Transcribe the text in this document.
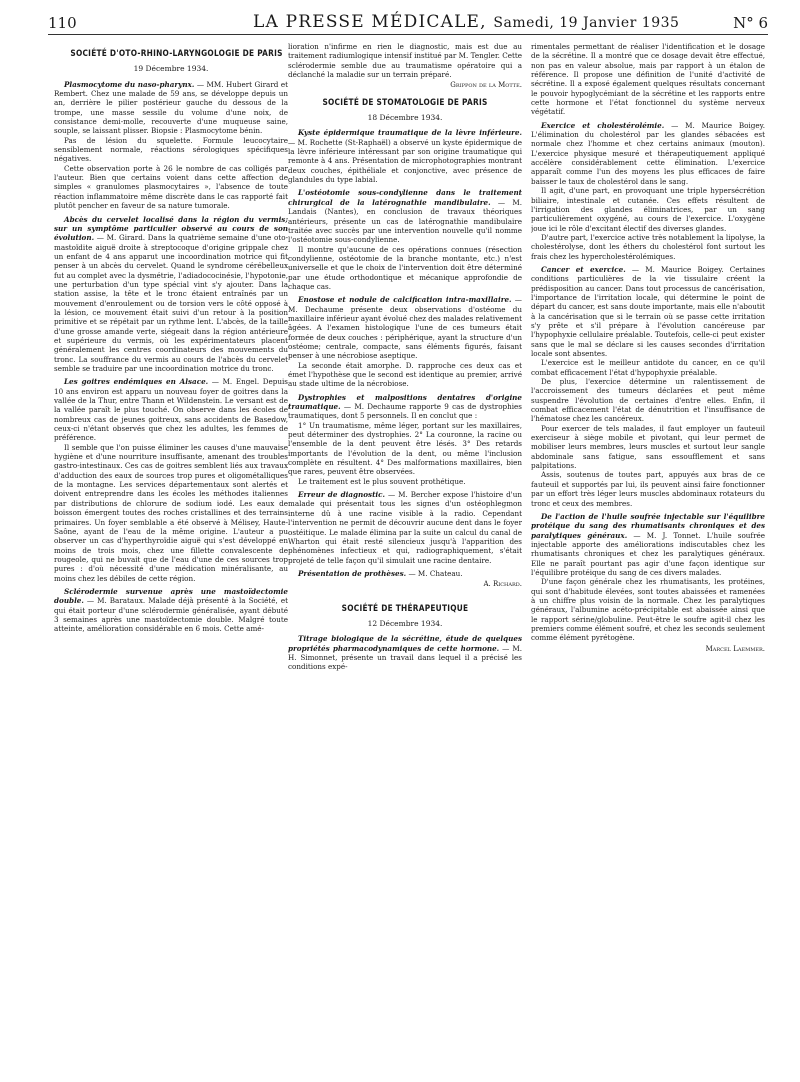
110	LA PRESSE MÉDICALE, Samedi, 19 Janvier 1935	N° 6

SOCIÉTÉ D'OTO-RHINO-LARYNGOLOGIE DE PARIS

19 Décembre 1934.

Plasmocytome du naso-pharynx. — MM. Hubert Girard et Rembert. Chez une malade de 59 ans, se développe depuis un an, derrière le pilier postérieur gauche du dessous de la trompe, une masse sessile du volume d'une noix, de consistance demi-molle, recouverte d'une muqueuse saine, souple, se laissant plisser. Biopsie : Plasmocytome bénin.

Pas de lésion du squelette. Formule leucocytaire sensiblement normale, réactions sérologiques spécifiques négatives.

Cette observation porte à 26 le nombre de cas colligés par l'auteur. Bien que certains voient dans cette affection de simples « granulomes plasmocytaires », l'absence de toute réaction inflammatoire même discrète dans le cas rapporté fait plutôt pencher en faveur de sa nature tumorale.

Abcès du cervelet localisé dans la région du vermis; sur un symptôme particulier observé au cours de son évolution. — M. Girard. Dans la quatrième semaine d'une oto-mastoïdite aiguë droite à streptocoque d'origine grippale chez un enfant de 4 ans apparut une incoordination motrice qui fit penser à un abcès du cervelet. Quand le syndrome cérébelleux fut au complet avec la dysmétrie, l'adiadococinésie, l'hypotonie, une perturbation d'un type spécial vint s'y ajouter. Dans la station assise, la tête et le tronc étaient entraînés par un mouvement d'enroulement ou de torsion vers le côté opposé à la lésion, ce mouvement était suivi d'un retour à la position primitive et se répétait par un rythme lent. L'abcès, de la taille d'une grosse amande verte, siégeait dans la région antérieure et supérieure du vermis, où les expérimentateurs placent généralement les centres coordinateurs des mouvements du tronc. La souffrance du vermis au cours de l'abcès du cervelet semble se traduire par une incoordination motrice du tronc.

Les goitres endémiques en Alsace. — M. Engel. Depuis 10 ans environ est apparu un nouveau foyer de goitres dans la vallée de la Thur, entre Thann et Wildenstein. Le versant est de la vallée paraît le plus touché. On observe dans les écoles de nombreux cas de jeunes goitreux, sans accidents de Basedow, ceux-ci n'étant observés que chez les adultes, les femmes de préférence.

Il semble que l'on puisse éliminer les causes d'une mauvaise hygiène et d'une nourriture insuffisante, amenant des troubles gastro-intestinaux. Ces cas de goitres semblent liés aux travaux d'adduction des eaux de sources trop pures et oligométalliques de la montagne. Les services départementaux sont alertés et doivent entreprendre dans les écoles les méthodes italiennes par distributions de chlorure de sodium iodé. Les eaux de boisson émergent toutes des roches cristallines et des terrains primaires. Un foyer semblable a été observé à Mélisey, Haute-Saône, ayant de l'eau de la même origine. L'auteur a pu observer un cas d'hyperthyroïdie aiguë qui s'est développé en moins de trois mois, chez une fillette convalescente de rougeole, qui ne buvait que de l'eau d'une de ces sources trop pures : d'où nécessité d'une médication minéralisante, au moins chez les débiles de cette région.

Sclérodermie survenue après une mastoïdectomie double. — M. Barataux. Malade déjà présenté à la Société, et qui était porteur d'une sclérodermie généralisée, ayant débuté 3 semaines après une mastoïdectomie double. Malgré toute atteinte, amélioration considérable en 6 mois. Cette amé-

lioration n'infirme en rien le diagnostic, mais est due au traitement radiumlogique intensif institué par M. Tengler. Cette sclérodermie semble due au traumatisme opératoire qui a déclanché la maladie sur un terrain préparé.

Grippon de la Motte.

SOCIÉTÉ DE STOMATOLOGIE DE PARIS

18 Décembre 1934.

Kyste épidermique traumatique de la lèvre inférieure. — M. Rochette (St-Raphaël) a observé un kyste épidermique de la lèvre inférieure intéressant par son origine traumatique qui remonte à 4 ans. Présentation de microphotographies montrant deux couches, épithéliale et conjonctive, avec présence de glandules du type labial.

L'ostéotomie sous-condylienne dans le traitement chirurgical de la latérognathie mandibulaire. — M. Landais (Nantes), en conclusion de travaux théoriques antérieurs, présente un cas de latérognathie mandibulaire traitée avec succès par une intervention nouvelle qu'il nomme l'ostéotomie sous-condylienne.

Il montre qu'aucune de ces opérations connues (résection condylienne, ostéotomie de la branche montante, etc.) n'est universelle et que le choix de l'intervention doit être déterminé par une étude orthodontique et mécanique approfondie de chaque cas.

Enostose et nodule de calcification intra-maxillaire. — M. Dechaume présente deux observations d'ostéome du maxillaire inférieur ayant évolué chez des malades relativement âgées. A l'examen histologique l'une de ces tumeurs était formée de deux couches : périphérique, ayant la structure d'un ostéome; centrale, compacte, sans éléments figurés, faisant penser à une nécrobiose aseptique.

La seconde était amorphe. D. rapproche ces deux cas et émet l'hypothèse que le second est identique au premier, arrivé au stade ultime de la nécrobiose.

Dystrophies et malpositions dentaires d'origine traumatique. — M. Dechaume rapporte 9 cas de dystrophies traumatiques, dont 5 personnels. Il en conclut que :

1° Un traumatisme, même léger, portant sur les maxillaires, peut déterminer des dystrophies. 2° La couronne, la racine ou l'ensemble de la dent peuvent être lésés. 3° Des retards importants de l'évolution de la dent, ou même l'inclusion complète en résultent. 4° Des malformations maxillaires, bien que rares, peuvent être observées.

Le traitement est le plus souvent prothétique.

Erreur de diagnostic. — M. Bercher expose l'histoire d'un malade qui présentait tous les signes d'un ostéophlegmon interne dû à une racine visible à la radio. Cependant l'intervention ne permit de découvrir aucune dent dans le foyer ostéitique. Le malade élimina par la suite un calcul du canal de Wharton qui était resté silencieux jusqu'à l'apparition des phénomènes infectieux et qui, radiographiquement, s'était projeté de telle façon qu'il simulait une racine dentaire.

Présentation de prothèses. — M. Chateau.

A. Richard.

SOCIÉTÉ DE THÉRAPEUTIQUE

12 Décembre 1934.

Titrage biologique de la sécrétine, étude de quelques propriétés pharmacodynamiques de cette hormone. — M. H. Simonnet, présente un travail dans lequel il a précisé les conditions expé-

rimentales permettant de réaliser l'identification et le dosage de la sécrétine. Il a montré que ce dosage devait être effectué, non pas en valeur absolue, mais par rapport à un étalon de référence. Il propose une définition de l'unité d'activité de sécrétine. Il a exposé également quelques résultats concernant le pouvoir hypoglycémiant de la sécrétine et les rapports entre cette hormone et l'état fonctionnel du système nerveux végétatif.

Exercice et cholestérolémie. — M. Maurice Boigey. L'élimination du cholestérol par les glandes sébacées est normale chez l'homme et chez certains animaux (mouton). L'exercice physique mesuré et thérapeutiquement appliqué accélère considérablement cette élimination. L'exercice apparaît comme l'un des moyens les plus efficaces de faire baisser le taux de cholestérol dans le sang.

Il agit, d'une part, en provoquant une triple hypersécrétion biliaire, intestinale et cutanée. Ces effets résultent de l'irrigation des glandes éliminatrices, par un sang particulièrement oxygéné, au cours de l'exercice. L'oxygène joue ici le rôle d'excitant électif des diverses glandes.

D'autre part, l'exercice active très notablement la lipolyse, la cholestérolyse, dont les éthers du cholestérol font surtout les frais chez les hypercholestérolémiques.

Cancer et exercice. — M. Maurice Boigey. Certaines conditions particulières de la vie tissulaire créent la prédisposition au cancer. Dans tout processus de cancérisation, l'importance de l'irritation locale, qui détermine le point de départ du cancer, est sans doute importante, mais elle n'aboutit à la cancérisation que si le terrain où se passe cette irritation s'y prête et s'il prépare à l'évolution cancéreuse par l'hypophyxie cellulaire préalable. Toutefois, celle-ci peut exister sans que le mal se déclare si les causes secondes d'irritation locale sont absentes.

L'exercice est le meilleur antidote du cancer, en ce qu'il combat efficacement l'état d'hypophyxie préalable.

De plus, l'exercice détermine un ralentissement de l'accroissement des tumeurs déclarées et peut même suspendre l'évolution de certaines d'entre elles. Enfin, il combat efficacement l'état de dénutrition et l'insuffisance de l'hématose chez les cancéreux.

Pour exercer de tels malades, il faut employer un fauteuil exerciseur à siège mobile et pivotant, qui leur permet de mobiliser leurs membres, leurs muscles et surtout leur sangle abdominale sans fatigue, sans essoufflement et sans palpitations.

Assis, soutenus de toutes part, appuyés aux bras de ce fauteuil et supportés par lui, ils peuvent ainsi faire fonctionner par un effort très léger leurs muscles abdominaux rotateurs du tronc et ceux des membres.

De l'action de l'huile soufrée injectable sur l'équilibre protéique du sang des rhumatisants chroniques et des paralytiques généraux. — M. J. Tonnet. L'huile soufrée injectable apporte des améliorations indiscutables chez les rhumatisants chroniques et chez les paralytiques généraux. Elle ne paraît pourtant pas agir d'une façon identique sur l'équilibre protéique du sang de ces divers malades.

D'une façon générale chez les rhumatisants, les protéines, qui sont d'habitude élevées, sont toutes abaissées et ramenées à un chiffre plus voisin de la normale. Chez les paralytiques généraux, l'albumine acéto-précipitable est abaissée ainsi que le rapport sérine/globuline. Peut-être le soufre agit-il chez les premiers comme élément soufré, et chez les seconds seulement comme élément pyrétogène.

Marcel Laemmer.
